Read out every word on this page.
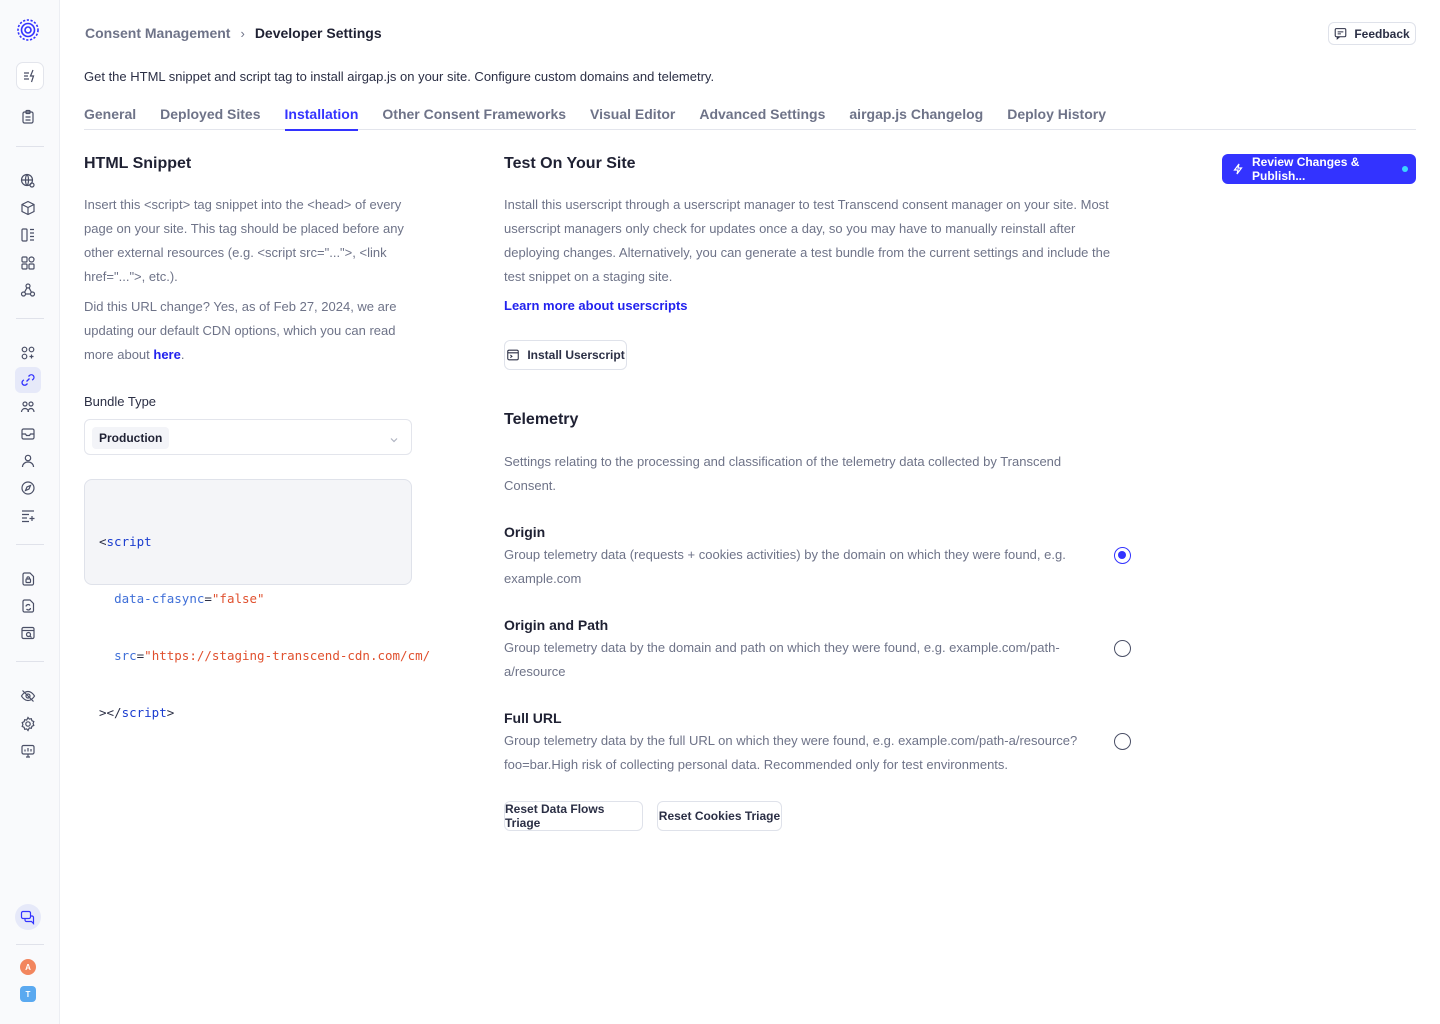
A
T
Consent Management › Developer Settings	Feedback
Get the HTML snippet and script tag to install airgap.js on your site. Configure custom domains and telemetry.
General Deployed Sites Installation Other Consent Frameworks Visual Editor Advanced Settings airgap.js Changelog Deploy History
HTML Snippet
Insert this <script> tag snippet into the <head> of every page on your site. This tag should be placed before any other external resources (e.g. <script src="...">, <link href="...">, etc.).
Did this URL change? Yes, as of Feb 27, 2024, we are updating our default CDN options, which you can read more about here.
Bundle Type
Production

<script

data-cfasync="false"

src="https://staging-transcend-cdn.com/cm/

></script>

Test On Your Site
Install this userscript through a userscript manager to test Transcend consent manager on your site. Most userscript managers only check for updates once a day, so you may have to manually reinstall after deploying changes. Alternatively, you can generate a test bundle from the current settings and include the test snippet on a staging site.
Learn more about userscripts
Install Userscript
Review Changes & Publish...
Telemetry
Settings relating to the processing and classification of the telemetry data collected by Transcend Consent.
Origin
Group telemetry data (requests + cookies activities) by the domain on which they were found, e.g. example.com
Origin and Path
Group telemetry data by the domain and path on which they were found, e.g. example.com/path-a/resource
Full URL
Group telemetry data by the full URL on which they were found, e.g. example.com/path-a/resource?foo=bar.High risk of collecting personal data. Recommended only for test environments.
Reset Data Flows Triage	Reset Cookies Triage
